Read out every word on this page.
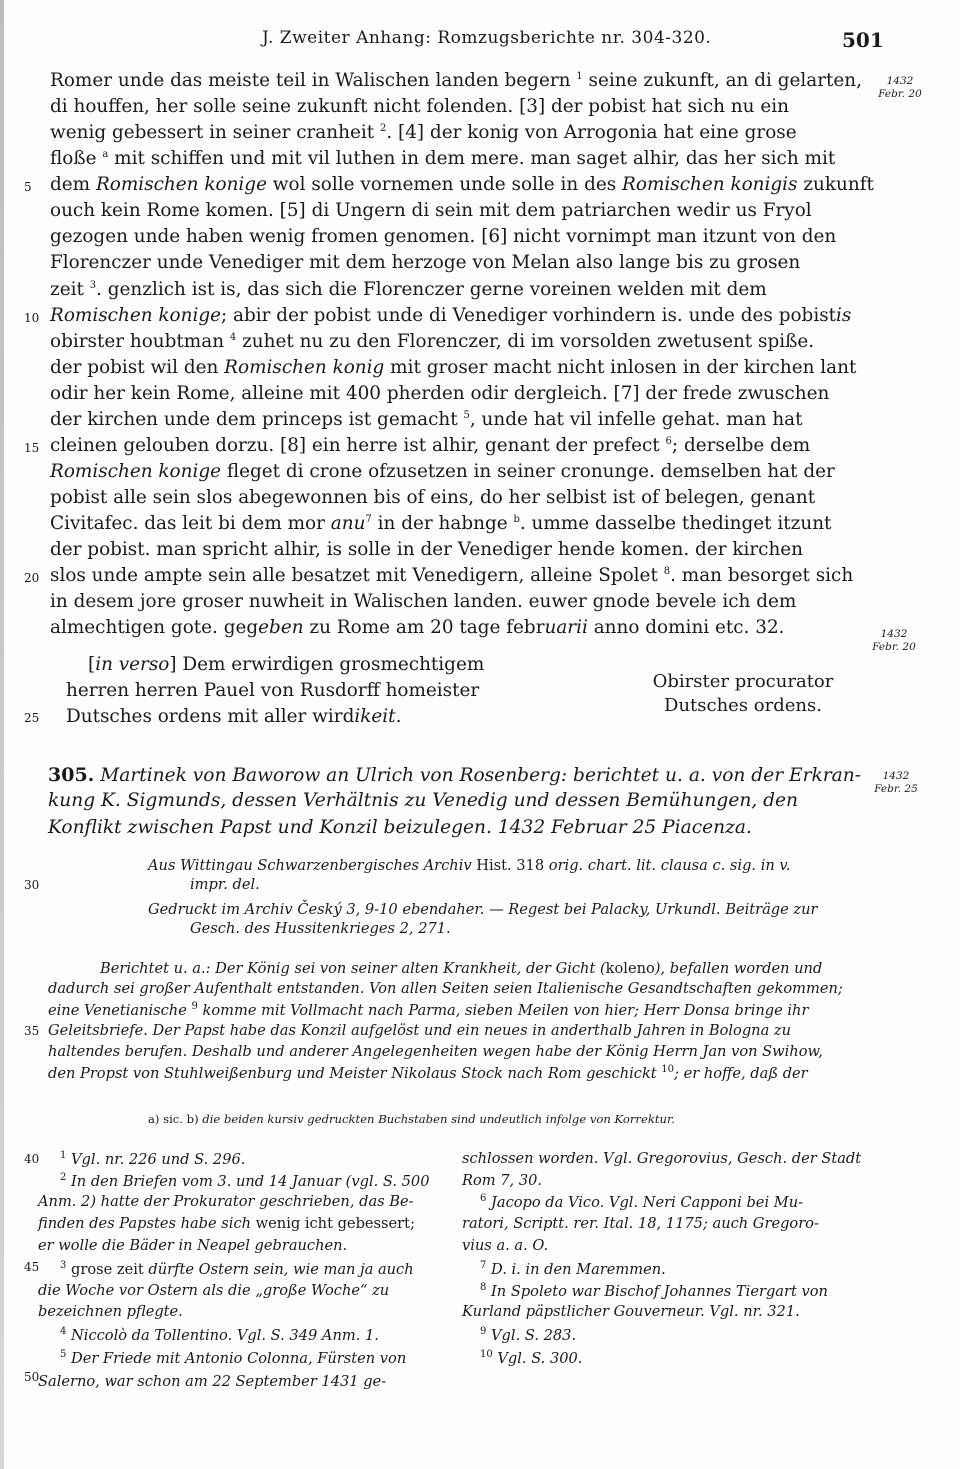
J. Zweiter Anhang: Romzugsberichte nr. 304-320.	501
Romer unde das meiste teil in Walischen landen begern $^1$ seine zukunft, an di gelarten,
di houffen, her solle seine zukunft nicht folenden. [3] der pobist hat sich nu ein
wenig gebessert in seiner cranheit $^2$. [4] der konig von Arrogonia hat eine grose
floße $^a$ mit schiffen und mit vil luthen in dem mere. man saget alhir, das her sich mit
dem Romischen konige wol solle vornemen unde solle in des Romischen konigis zukunft
ouch kein Rome komen. [5] di Ungern di sein mit dem patriarchen wedir us Fryol
gezogen unde haben wenig fromen genomen. [6] nicht vornimpt man itzunt von den
Florenczer unde Venediger mit dem herzoge von Melan also lange bis zu grosen
zeit $^3$. genzlich ist is, das sich die Florenczer gerne voreinen welden mit dem
Romischen konige; abir der pobist unde di Venediger vorhindern is. unde des pobistis
obirster houbtman $^4$ zuhet nu zu den Florenczer, di im vorsolden zwetusent spiße.
der pobist wil den Romischen konig mit groser macht nicht inlosen in der kirchen lant
odir her kein Rome, alleine mit 400 pherden odir dergleich. [7] der frede zwuschen
der kirchen unde dem princeps ist gemacht $^5$, unde hat vil infelle gehat. man hat
cleinen gelouben dorzu. [8] ein herre ist alhir, genant der prefect $^6$; derselbe dem
Romischen konige fleget di crone ofzusetzen in seiner cronunge. demselben hat der
pobist alle sein slos abegewonnen bis of eins, do her selbist ist of belegen, genant
Civitafec. das leit bi dem mor anu$^7$ in der habnge $^b$. umme dasselbe thedinget itzunt
der pobist. man spricht alhir, is solle in der Venediger hende komen. der kirchen
slos unde ampte sein alle besatzet mit Venedigern, alleine Spolet $^8$. man besorget sich
in desem jore groser nuwheit in Walischen landen. euwer gnode bevele ich dem
almechtigen gote. gegeben zu Rome am 20 tage februarii anno domini etc. 32.
5
10
15
20
25
30
35
40
45
50
1432
Febr. 20
1432
Febr. 20
1432
Febr. 25
[in verso] Dem erwirdigen grosmechtigem
herren herren Pauel von Rusdorff homeister
Dutsches ordens mit aller wirdikeit.
Obirster procurator
Dutsches ordens.
305. Martinek von Baworow an Ulrich von Rosenberg: berichtet u. a. von der Erkran-
kung K. Sigmunds, dessen Verhältnis zu Venedig und dessen Bemühungen, den
Konflikt zwischen Papst und Konzil beizulegen. 1432 Februar 25 Piacenza.
Aus Wittingau Schwarzenbergisches Archiv Hist. 318 orig. chart. lit. clausa c. sig. in v.
impr. del.
Gedruckt im Archiv Český 3, 9-10 ebendaher. — Regest bei Palacky, Urkundl. Beiträge zur
Gesch. des Hussitenkrieges 2, 271.
Berichtet u. a.: Der König sei von seiner alten Krankheit, der Gicht (koleno), befallen worden und
dadurch sei großer Aufenthalt entstanden. Von allen Seiten seien Italienische Gesandtschaften gekommen;
eine Venetianische $^9$ komme mit Vollmacht nach Parma, sieben Meilen von hier; Herr Donsa bringe ihr
Geleitsbriefe. Der Papst habe das Konzil aufgelöst und ein neues in anderthalb Jahren in Bologna zu
haltendes berufen. Deshalb und anderer Angelegenheiten wegen habe der König Herrn Jan von Swihow,
den Propst von Stuhlweißenburg und Meister Nikolaus Stock nach Rom geschickt $^{10}$; er hoffe, daß der
a) sic. b) die beiden kursiv gedruckten Buchstaben sind undeutlich infolge von Korrektur.
$^1$ Vgl. nr. 226 und S. 296.
$^2$ In den Briefen vom 3. und 14 Januar (vgl. S. 500
Anm. 2) hatte der Prokurator geschrieben, das Be-
finden des Papstes habe sich wenig icht gebessert;
er wolle die Bäder in Neapel gebrauchen.
$^3$ grose zeit dürfte Ostern sein, wie man ja auch
die Woche vor Ostern als die „große Woche“ zu
bezeichnen pflegte.
$^4$ Niccolò da Tollentino. Vgl. S. 349 Anm. 1.
$^5$ Der Friede mit Antonio Colonna, Fürsten von
Salerno, war schon am 22 September 1431 ge-
schlossen worden. Vgl. Gregorovius, Gesch. der Stadt
Rom 7, 30.
$^6$ Jacopo da Vico. Vgl. Neri Capponi bei Mu-
ratori, Scriptt. rer. Ital. 18, 1175; auch Gregoro-
vius a. a. O.
$^7$ D. i. in den Maremmen.
$^8$ In Spoleto war Bischof Johannes Tiergart von
Kurland päpstlicher Gouverneur. Vgl. nr. 321.
$^9$ Vgl. S. 283.
$^{10}$ Vgl. S. 300.
